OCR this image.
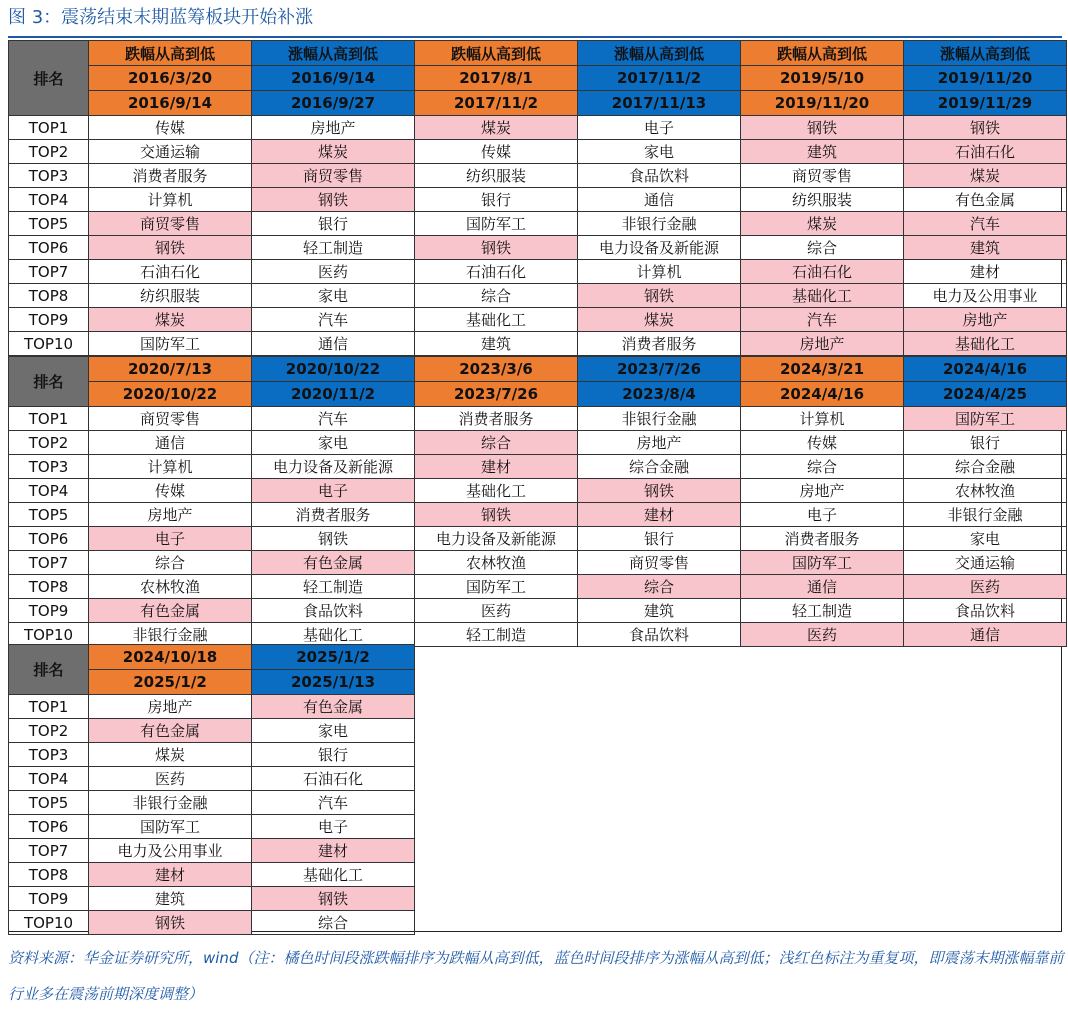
图 3：震荡结束末期蓝筹板块开始补涨
排名	跌幅从高到低	涨幅从高到低	跌幅从高到低	涨幅从高到低	跌幅从高到低	涨幅从高到低
	2016/3/20	2016/9/14	2017/8/1	2017/11/2	2019/5/10	2019/11/20
	2016/9/14	2016/9/27	2017/11/2	2017/11/13	2019/11/20	2019/11/29
TOP1	传媒	房地产	煤炭	电子	钢铁	钢铁
TOP2	交通运输	煤炭	传媒	家电	建筑	石油石化
TOP3	消费者服务	商贸零售	纺织服装	食品饮料	商贸零售	煤炭
TOP4	计算机	钢铁	银行	通信	纺织服装	有色金属
TOP5	商贸零售	银行	国防军工	非银行金融	煤炭	汽车
TOP6	钢铁	轻工制造	钢铁	电力设备及新能源	综合	建筑
TOP7	石油石化	医药	石油石化	计算机	石油石化	建材
TOP8	纺织服装	家电	综合	钢铁	基础化工	电力及公用事业
TOP9	煤炭	汽车	基础化工	煤炭	汽车	房地产
TOP10	国防军工	通信	建筑	消费者服务	房地产	基础化工
排名	2020/7/13	2020/10/22	2023/3/6	2023/7/26	2024/3/21	2024/4/16
	2020/10/22	2020/11/2	2023/7/26	2023/8/4	2024/4/16	2024/4/25
TOP1	商贸零售	汽车	消费者服务	非银行金融	计算机	国防军工
TOP2	通信	家电	综合	房地产	传媒	银行
TOP3	计算机	电力设备及新能源	建材	综合金融	综合	综合金融
TOP4	传媒	电子	基础化工	钢铁	房地产	农林牧渔
TOP5	房地产	消费者服务	钢铁	建材	电子	非银行金融
TOP6	电子	钢铁	电力设备及新能源	银行	消费者服务	家电
TOP7	综合	有色金属	农林牧渔	商贸零售	国防军工	交通运输
TOP8	农林牧渔	轻工制造	国防军工	综合	通信	医药
TOP9	有色金属	食品饮料	医药	建筑	轻工制造	食品饮料
TOP10	非银行金融	基础化工	轻工制造	食品饮料	医药	通信
排名	2024/10/18	2025/1/2
	2025/1/2	2025/1/13
TOP1	房地产	有色金属
TOP2	有色金属	家电
TOP3	煤炭	银行
TOP4	医药	石油石化
TOP5	非银行金融	汽车
TOP6	国防军工	电子
TOP7	电力及公用事业	建材
TOP8	建材	基础化工
TOP9	建筑	钢铁
TOP10	钢铁	综合
资料来源：华金证券研究所，wind（注：橘色时间段涨跌幅排序为跌幅从高到低，蓝色时间段排序为涨幅从高到低；浅红色标注为重复项，即震荡末期涨幅靠前行业多在震荡前期深度调整）
